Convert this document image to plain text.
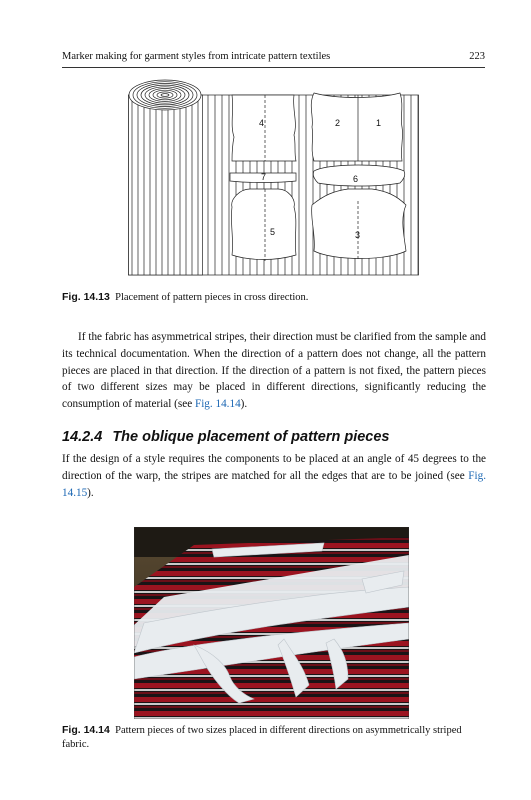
Marker making for garment styles from intricate pattern textiles	223
4	2	1
7	6
5	3
Fig. 14.13 Placement of pattern pieces in cross direction.

If the fabric has asymmetrical stripes, their direction must be clarified from the sample and its technical documentation. When the direction of a pattern does not change, all the pattern pieces are placed in that direction. If the direction of a pattern is not fixed, the pattern pieces of two different sizes may be placed in different directions, significantly reducing the consumption of material (see Fig. 14.14).

14.2.4 The oblique placement of pattern pieces

If the design of a style requires the components to be placed at an angle of 45 degrees to the direction of the warp, the stripes are matched for all the edges that are to be joined (see Fig. 14.15).

Fig. 14.14 Pattern pieces of two sizes placed in different directions on asymmetrically striped fabric.
